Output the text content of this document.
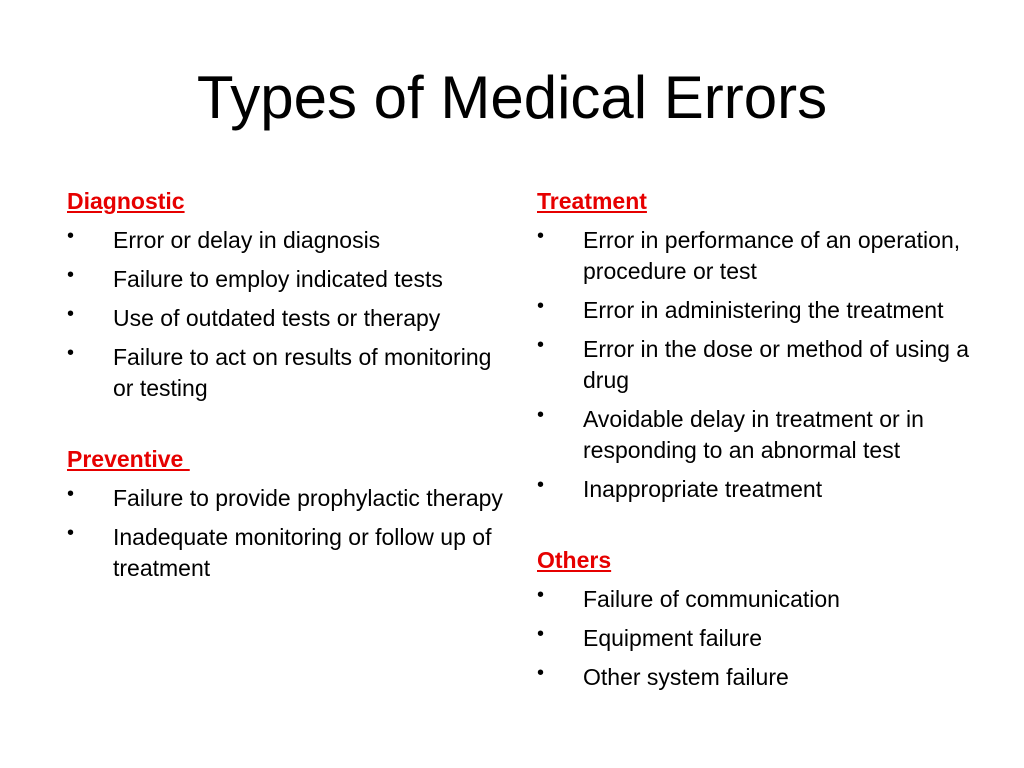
Types of Medical Errors
Diagnostic
• Error or delay in diagnosis
• Failure to employ indicated tests
• Use of outdated tests or therapy
• Failure to act on results of monitoring or testing
Preventive
• Failure to provide prophylactic therapy
• Inadequate monitoring or follow up of treatment
Treatment
• Error in performance of an operation, procedure or test
• Error in administering the treatment
• Error in the dose or method of using a drug
• Avoidable delay in treatment or in responding to an abnormal test
• Inappropriate treatment
Others
• Failure of communication
• Equipment failure
• Other system failure
